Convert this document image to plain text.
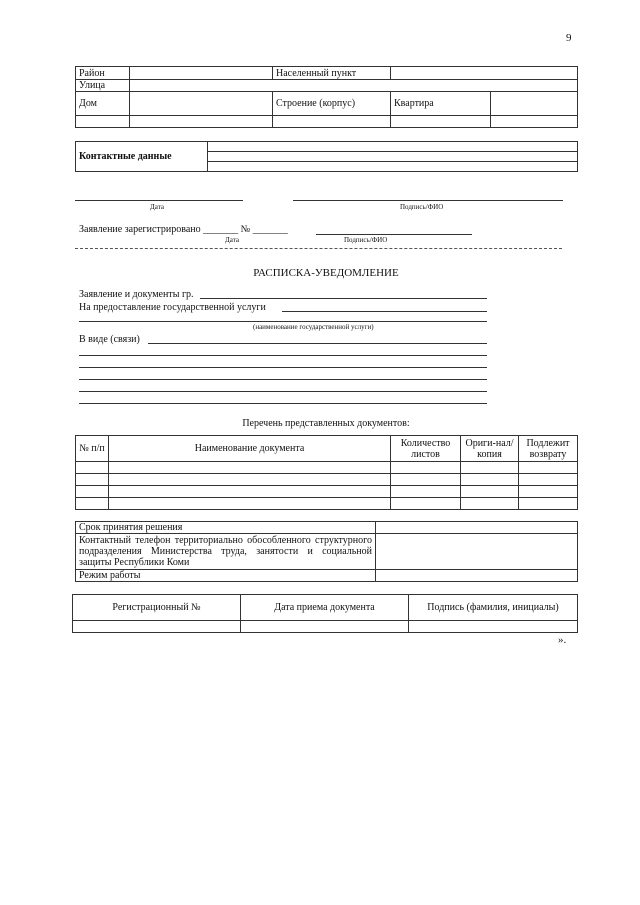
9
Район		Населенный пункт		
Улица				
Дом		Строение (корпус)	Квартира	

Контактные данные	

Дата	Подпись/ФИО
Заявление зарегистрировано _______ № _______
Дата	Подпись/ФИО
РАСПИСКА-УВЕДОМЛЕНИЕ
Заявление и документы гр.
На предоставление государственной услуги
(наименование государственной услуги)
В виде (связи)
Перечень представленных документов:
№ п/п	Наименование документа	Количество листов	Ориги-нал/копия	Подлежит возврату

Срок принятия решения	
Контактный телефон территориально обособленного структурного подразделения Министерства труда, занятости и социальной защиты Республики Коми	
Режим работы	
Регистрационный №	Дата приема документа	Подпись (фамилия, инициалы)

».
